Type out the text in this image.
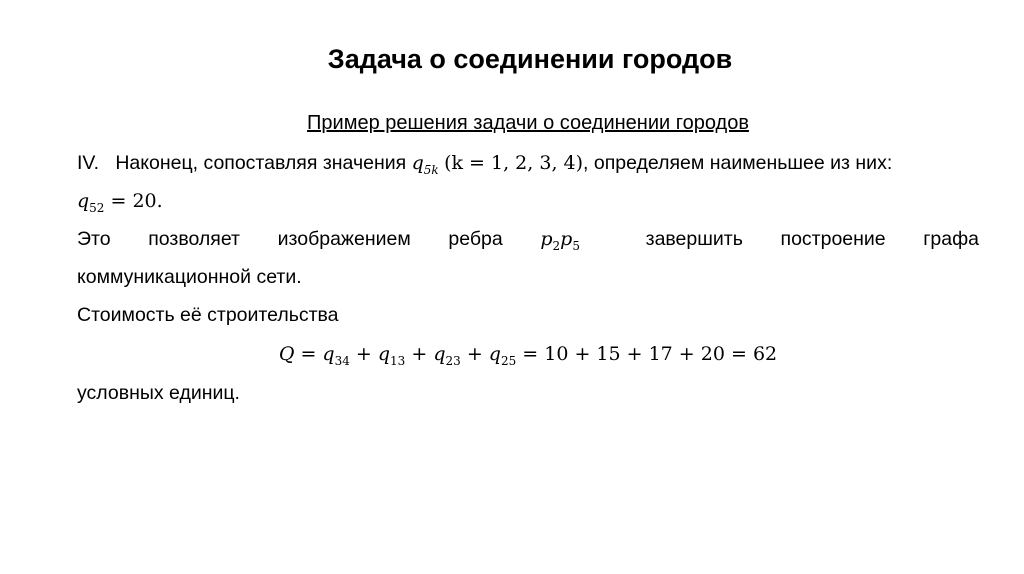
Задача о соединении городов
Пример решения задачи о соединении городов
IV. Наконец, сопоставляя значения $q_{5k}$ (k = 1, 2, 3, 4), определяем наименьшее из них:
$q_{52} = 20$.
Это позволяет изображением ребра $p_2p_5$	завершить построение графа
коммуникационной сети.
Стоимость её строительства
$Q = q_{34} + q_{13} + q_{23} + q_{25} = 10 + 15 + 17 + 20 = 62$
условных единиц.
